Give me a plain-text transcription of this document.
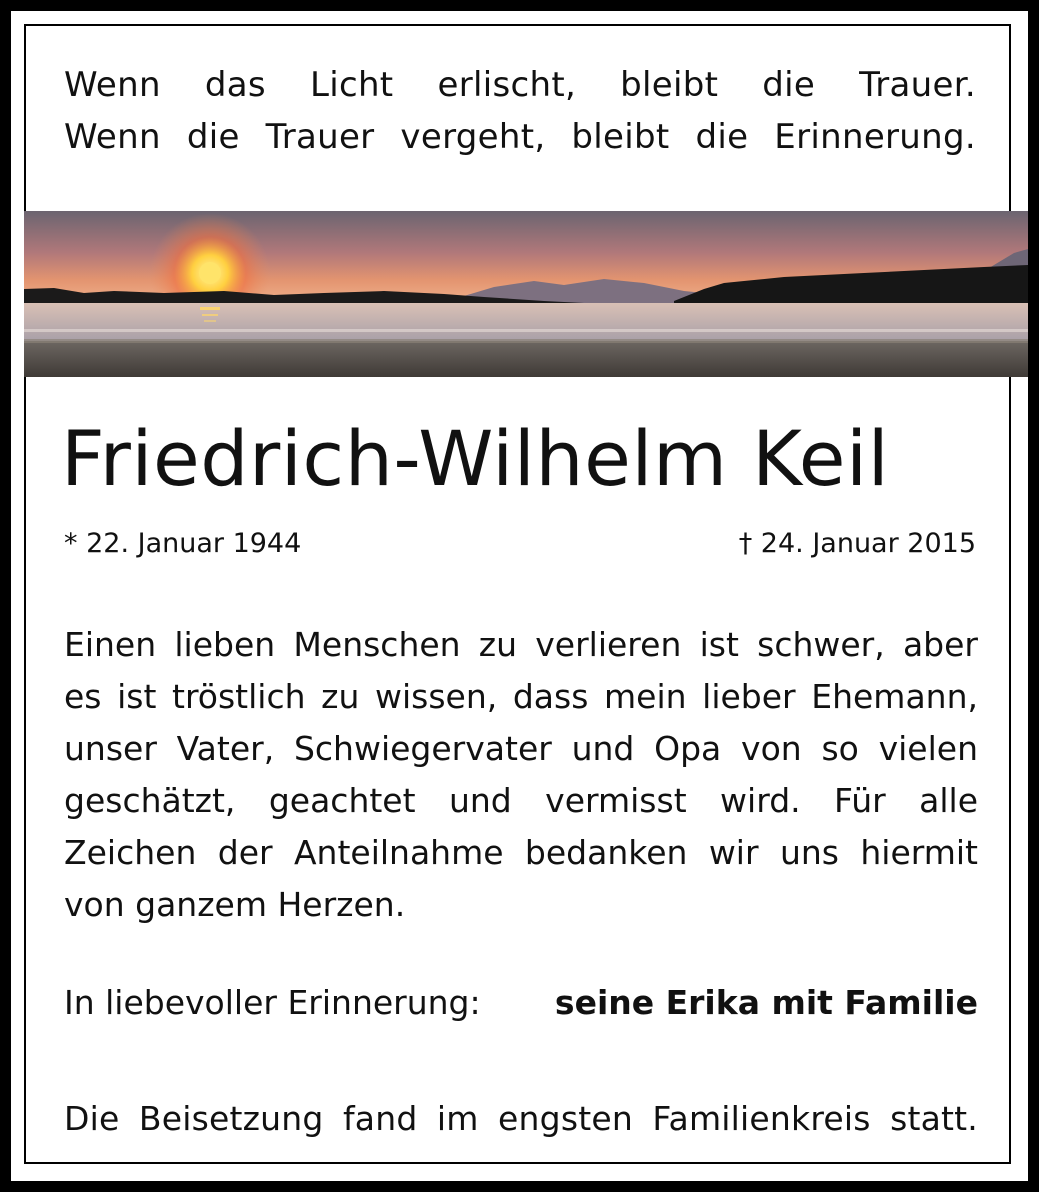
Wenn das Licht erlischt, bleibt die Trauer.
Wenn die Trauer vergeht, bleibt die Erinnerung.
Friedrich-Wilhelm Keil
* 22. Januar 1944	† 24. Januar 2015
Einen lieben Menschen zu verlieren ist schwer, aber
es ist tröstlich zu wissen, dass mein lieber Ehemann,
unser Vater, Schwiegervater und Opa von so vielen
geschätzt, geachtet und vermisst wird. Für alle
Zeichen der Anteilnahme bedanken wir uns hiermit
von ganzem Herzen.
In liebevoller Erinnerung: seine Erika mit Familie
Die Beisetzung fand im engsten Familienkreis statt.
